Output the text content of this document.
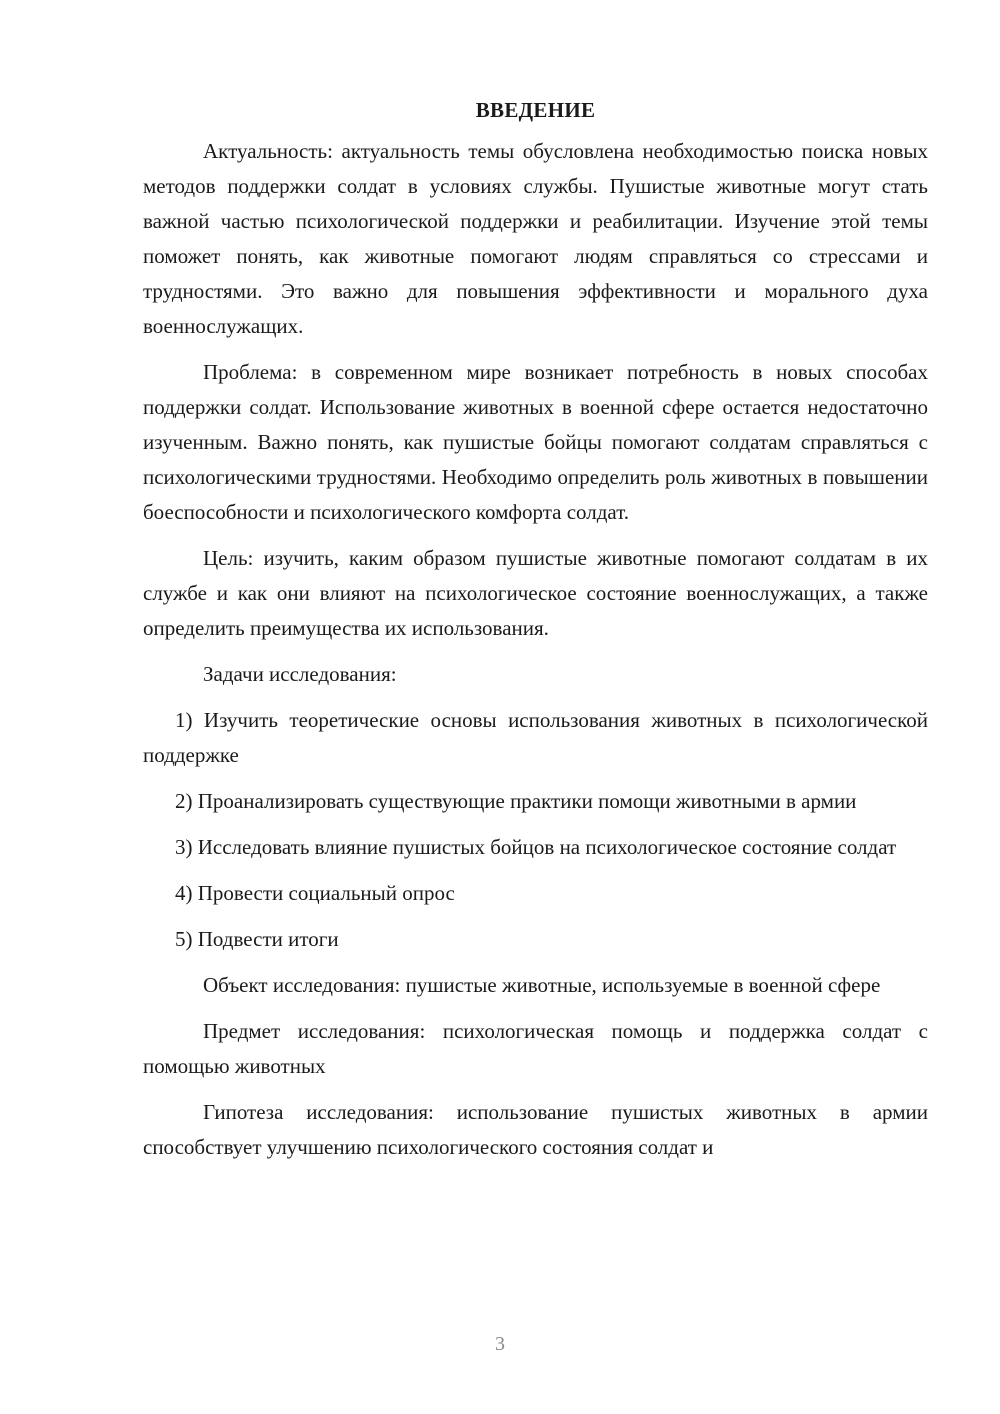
ВВЕДЕНИЕ

Актуальность: актуальность темы обусловлена необходимостью поиска новых методов поддержки солдат в условиях службы. Пушистые животные могут стать важной частью психологической поддержки и реабилитации. Изучение этой темы поможет понять, как животные помогают людям справляться со стрессами и трудностями. Это важно для повышения эффективности и морального духа военнослужащих.

Проблема: в современном мире возникает потребность в новых способах поддержки солдат. Использование животных в военной сфере остается недостаточно изученным. Важно понять, как пушистые бойцы помогают солдатам справляться с психологическими трудностями. Необходимо определить роль животных в повышении боеспособности и психологического комфорта солдат.

Цель: изучить, каким образом пушистые животные помогают солдатам в их службе и как они влияют на психологическое состояние военнослужащих, а также определить преимущества их использования.

Задачи исследования:

1) Изучить теоретические основы использования животных в психологической поддержке

2) Проанализировать существующие практики помощи животными в армии

3) Исследовать влияние пушистых бойцов на психологическое состояние солдат

4) Провести социальный опрос

5) Подвести итоги

Объект исследования: пушистые животные, используемые в военной сфере

Предмет исследования: психологическая помощь и поддержка солдат с помощью животных

Гипотеза исследования: использование пушистых животных в армии способствует улучшению психологического состояния солдат и

3
